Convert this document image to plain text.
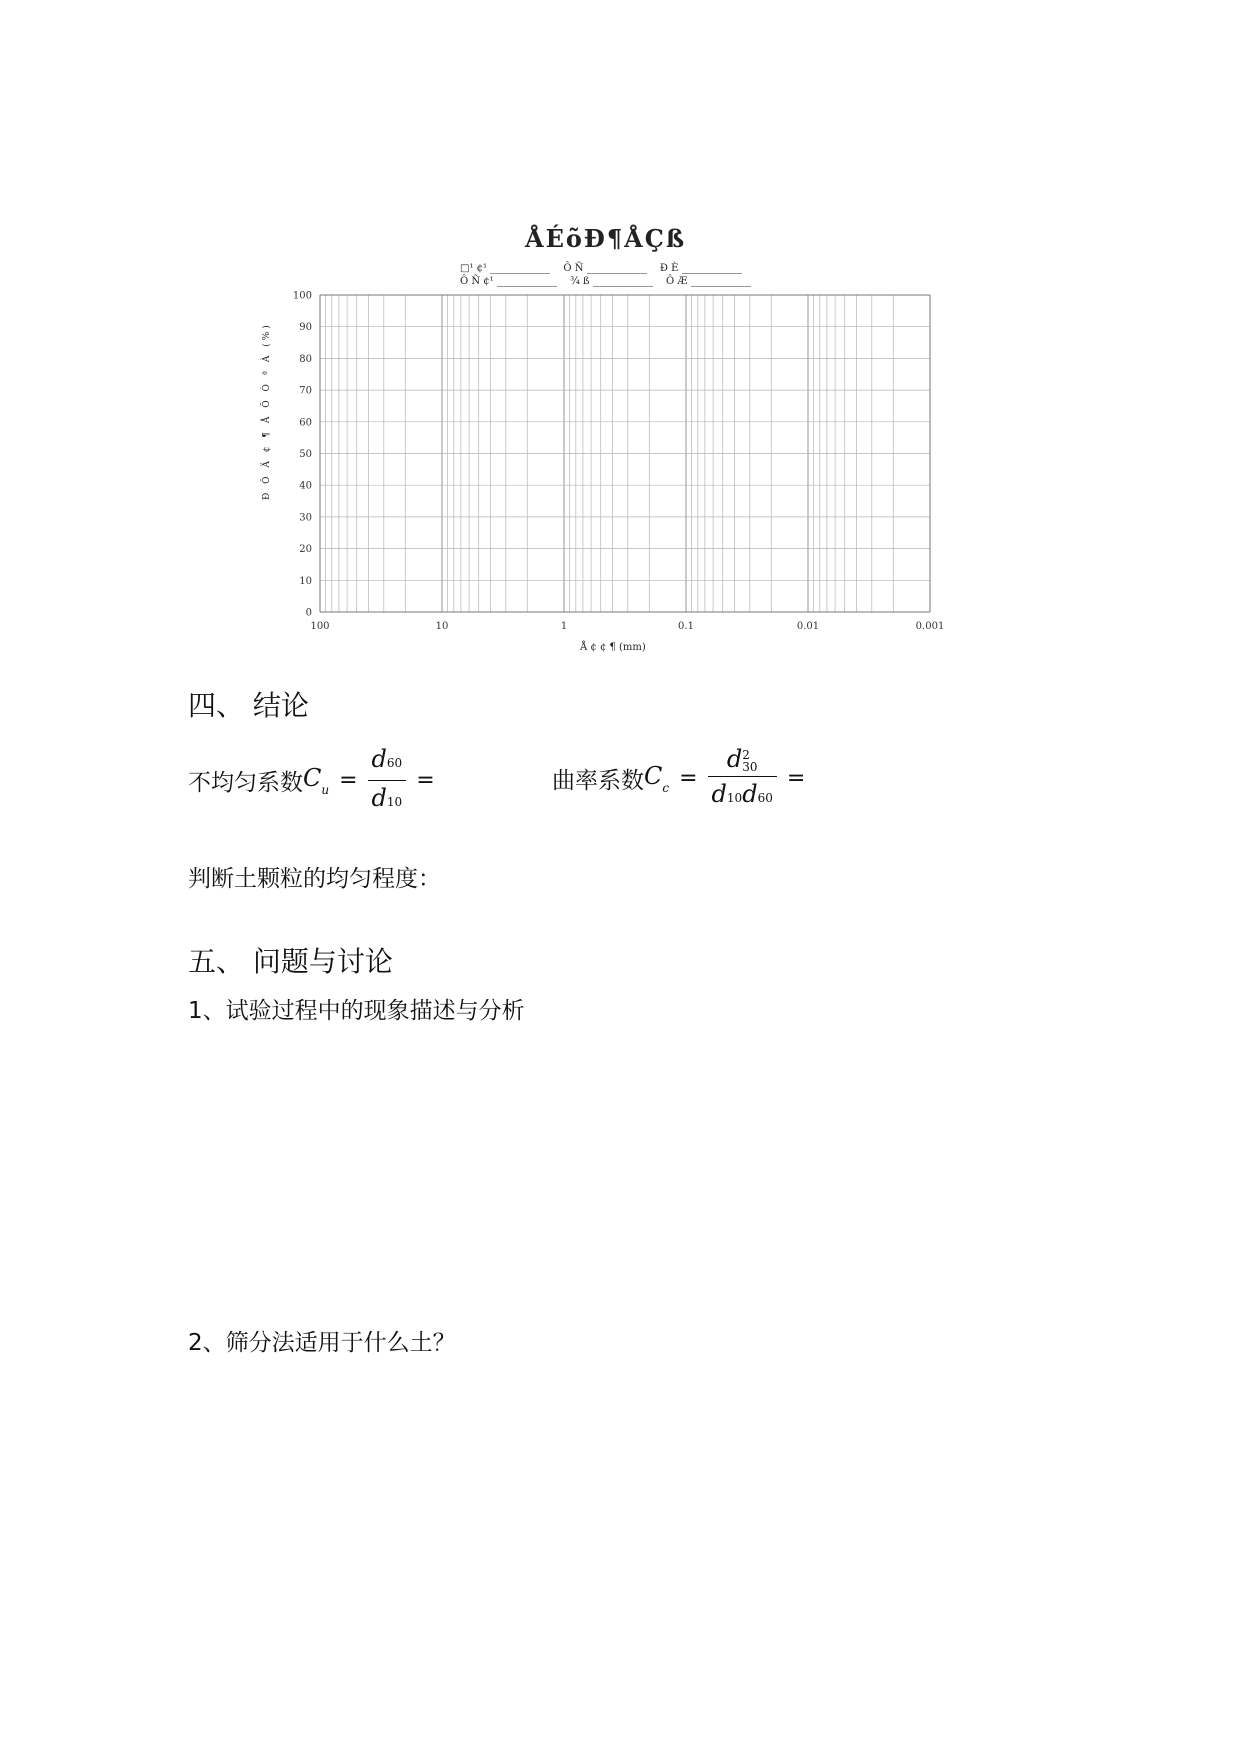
ÅÉõÐ¶ÅÇß
□¹ ¢¹	Ô Ñ	Ð È
Ô Ñ ¢¹	¾ ß	Ô Æ
0
10
20
30
40
50
60
70
80
90
100
100	10	1	0.1	0.01	0.001
Ð Ô Ä ¢ ¶ Å Õ Ò ª À (%)
Å ¢ ¢ ¶ (mm)
四、 结论
不均匀系数 $C_u = \frac{d60}{d10}$ =	曲率系数 $C_c = d$ 2
30
d10d60 =
判断土颗粒的均匀程度：
五、 问题与讨论
1、试验过程中的现象描述与分析
2、筛分法适用于什么土？
